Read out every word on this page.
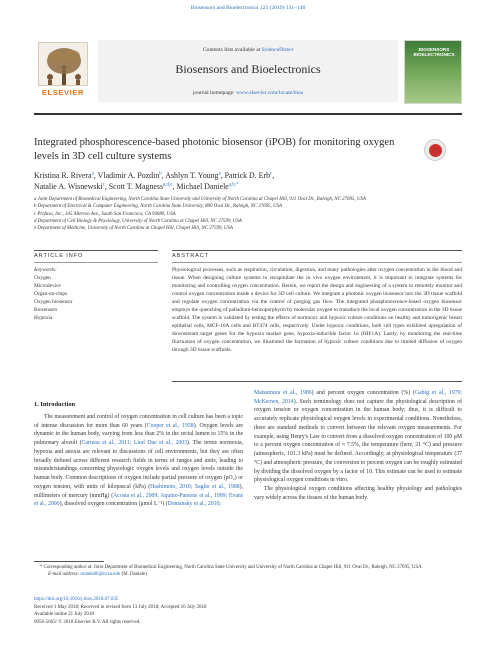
Biosensors and Bioelectronics 123 (2019) 131–140
ELSEVIER
Contents lists available at ScienceDirect
Biosensors and Bioelectronics
journal homepage: www.elsevier.com/locate/bios
BIOSENSORS BIOELECTRONICS
Integrated phosphorescence-based photonic biosensor (iPOB) for monitoring oxygen levels in 3D cell culture systems
Kristina R. Rivera$^a$, Vladimir A. Pozdin$^b$, Ashlyn T. Young$^a$, Patrick D. Erb$^c$,
Natalie A. Wisnewski$^c$, Scott T. Magness$^{a,d,e}$, Michael Daniele$^{a,b,*}$
a Joint Department of Biomedical Engineering, North Carolina State University and University of North Carolina at Chapel Hill, 911 Oval Dr., Raleigh, NC 27695, USA
b Department of Electrical & Computer Engineering, North Carolina State University, 890 Oval Dr., Raleigh, NC 27695, USA
c Profusa, Inc., 345 Allerton Ave., South San Francisco, CA 94080, USA
d Department of Cell Biology & Physiology, University of North Carolina at Chapel Hill, NC 27599, USA
e Department of Medicine, University of North Carolina at Chapel Hill, Chapel Hill, NC 27599, USA
ARTICLE INFO	ABSTRACT
Keywords:
Oxygen
Microdevice
Organ-on-chips
Oxygen biosensor
Biosensors
Hypoxia

Physiological processes, such as respiration, circulation, digestion, and many pathologies alter oxygen concentration in the blood and tissue. When designing culture systems to recapitulate the in vivo oxygen environment, it is important to integrate systems for monitoring and controlling oxygen concentration. Herein, we report the design and engineering of a system to remotely monitor and control oxygen concentration inside a device for 3D cell culture. We integrate a photonic oxygen biosensor into the 3D tissue scaffold and regulate oxygen concentration via the control of purging gas flow. The integrated phosphorescence-based oxygen biosensor employs the quenching of palladium-benzoporphyrin by molecular oxygen to transduce the local oxygen concentration in the 3D tissue scaffold. The system is validated by testing the effects of normoxic and hypoxic culture conditions on healthy and tumorigenic breast epithelial cells, MCF-10A cells and BT474 cells, respectively. Under hypoxic conditions, both cell types exhibited upregulation of downstream target genes for the hypoxia marker gene, hypoxia-inducible factor 1α (HIF1A). Lastly, by monitoring the real-time fluctuation of oxygen concentration, we illustrated the formation of hypoxic culture conditions due to limited diffusion of oxygen through 3D tissue scaffolds.

1. Introduction

The measurement and control of oxygen concentration in cell culture has been a topic of intense discussion for more than 60 years (Cooper et al., 1958). Oxygen levels are dynamic in the human body, varying from less than 2% in the rectal lumen to 15% in the pulmonary alveoli (Carreau et al., 2011; Lind Due et al., 2003). The terms normoxia, hypoxia and anoxia are relevant to discussions of cell environments, but they are often broadly defined across different research fields in terms of ranges and units, leading to misunderstandings concerning physiologic oxygen levels and oxygen levels outside the human body. Common descriptions of oxygen include partial pressure of oxygen (pO₂) or oxygen tension, with units of kilopascal (kPa) (Hashimoto, 2010; Saglio et al., 1988), millimeters of mercury (mmHg) (Acosta et al., 2009; Aquino-Parsons et al., 1999; Evans et al., 2000), dissolved oxygen concentration (μmol L⁻¹) (Domansky et al., 2010;

Matsumura et al., 1986) and percent oxygen concentration (%) (Gabig et al., 1979; McKeown, 2014). Such terminology does not capture the physiological description of oxygen tension or oxygen concentration in the human body; thus, it is difficult to accurately replicate physiological oxygen levels in experimental conditions. Nonetheless, there are standard methods to convert between the relevant oxygen measurements. For example, using Henry's Law to convert from a dissolved oxygen concentration of 100 μM to a percent oxygen concentration of ≈ 7.5%, the temperature (here, 21 °C) and pressure (atmospheric, 101.3 kPa) must be defined. Accordingly, at physiological temperature (37 °C) and atmospheric pressure, the conversion to percent oxygen can be roughly estimated by dividing the dissolved oxygen by a factor of 10. This estimate can be used to estimate physiological oxygen conditions in vitro.

The physiological oxygen conditions affecting healthy physiology and pathologies vary widely across the tissues of the human body.

* Corresponding author at: Joint Department of Biomedical Engineering, North Carolina State University and University of North Carolina at Chapel Hill, 911 Oval Dr., Raleigh, NC 27695, USA.
E-mail address: mdaniel6@ncsu.edu (M. Daniele).
https://doi.org/10.1016/j.bios.2018.07.035
Received 1 May 2018; Received in revised form 13 July 2018; Accepted 16 July 2018
Available online 21 July 2018
0956-5663/ © 2018 Elsevier B.V. All rights reserved.
